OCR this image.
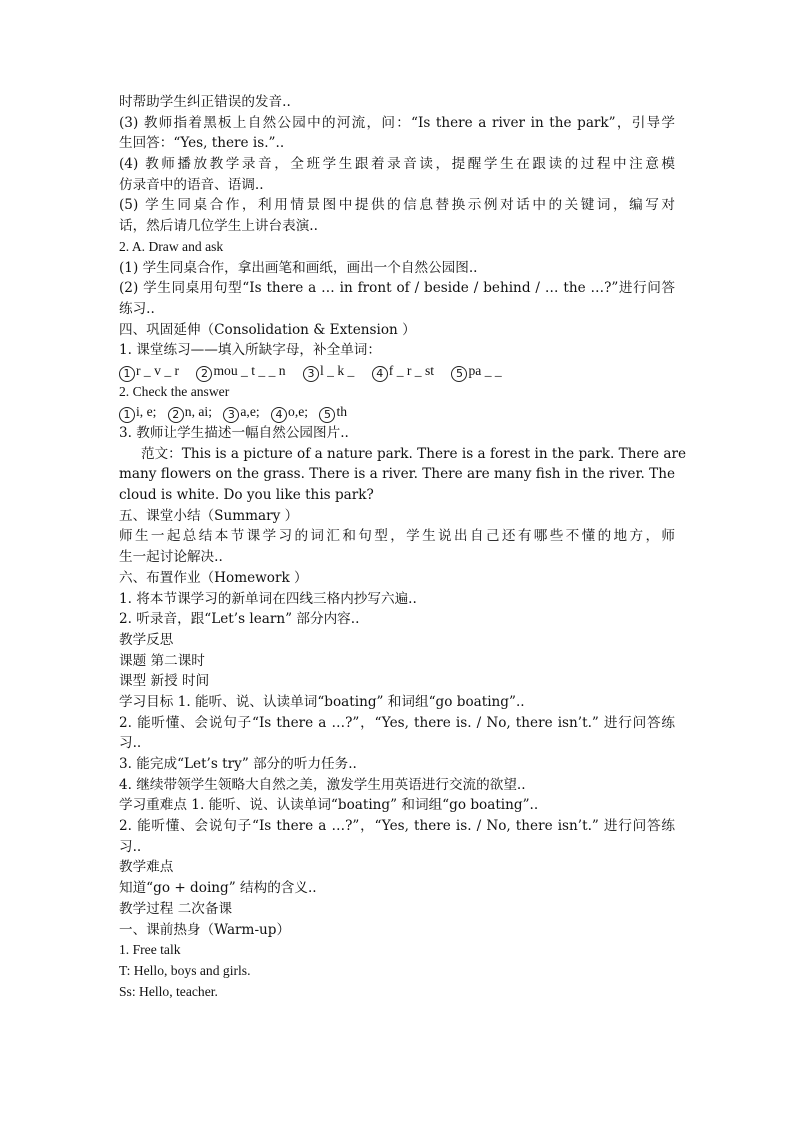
时帮助学生纠正错误的发音..
(3) 教师指着黑板上自然公园中的河流，问：“Is there a river in the park”，引导学
生回答：“Yes, there is.”..
(4) 教师播放教学录音，全班学生跟着录音读，提醒学生在跟读的过程中注意模
仿录音中的语音、语调..
(5) 学生同桌合作，利用情景图中提供的信息替换示例对话中的关键词，编写对
话，然后请几位学生上讲台表演..
2. A. Draw and ask
(1) 学生同桌合作，拿出画笔和画纸，画出一个自然公园图..
(2) 学生同桌用句型“Is there a … in front of / beside / behind / … the …?”进行问答
练习..
四、巩固延伸（Consolidation & Extension ）
1. 课堂练习——填入所缺字母，补全单词：
1 r _ v _ r 2 mou _ t _ _ n 3 l _ k _ 4 f _ r _ st 5 pa _ _
2. Check the answer
1 i, e; 2 n, ai; 3 a,e; 4 o,e; 5 th
3. 教师让学生描述一幅自然公园图片..
范文：This is a picture of a nature park. There is a forest in the park. There are
many flowers on the grass. There is a river. There are many fish in the river. The
cloud is white. Do you like this park?
五、课堂小结（Summary ）
师生一起总结本节课学习的词汇和句型，学生说出自己还有哪些不懂的地方，师
生一起讨论解决..
六、布置作业（Homework ）
1. 将本节课学习的新单词在四线三格内抄写六遍..
2. 听录音，跟“Let’s learn” 部分内容..
教学反思
课题 第二课时
课型 新授 时间
学习目标 1. 能听、说、认读单词“boating” 和词组“go boating”..
2. 能听懂、会说句子“Is there a …?”，“Yes, there is. / No, there isn’t.” 进行问答练
习..
3. 能完成“Let’s try” 部分的听力任务..
4. 继续带领学生领略大自然之美，激发学生用英语进行交流的欲望..
学习重难点 1. 能听、说、认读单词“boating” 和词组“go boating”..
2. 能听懂、会说句子“Is there a …?”，“Yes, there is. / No, there isn’t.” 进行问答练
习..
教学难点
知道“go + doing” 结构的含义..
教学过程 二次备课
一、课前热身（Warm-up）
1. Free talk
T: Hello, boys and girls.
Ss: Hello, teacher.
